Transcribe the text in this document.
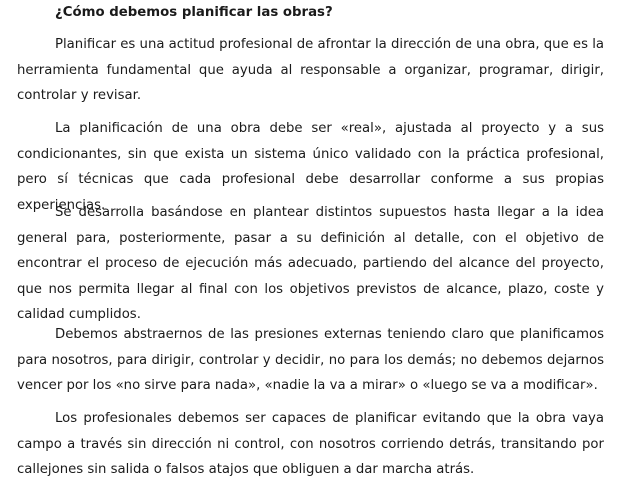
¿Cómo debemos planificar las obras?

Planificar es una actitud profesional de afrontar la dirección de una obra, que es la herramienta fundamental que ayuda al responsable a organizar, programar, dirigir, controlar y revisar.

La planificación de una obra debe ser «real», ajustada al proyecto y a sus condicionantes, sin que exista un sistema único validado con la práctica profesional, pero sí técnicas que cada profesional debe desarrollar conforme a sus propias experiencias.

Se desarrolla basándose en plantear distintos supuestos hasta llegar a la idea general para, posteriormente, pasar a su definición al detalle, con el objetivo de encontrar el proceso de ejecución más adecuado, partiendo del alcance del proyecto, que nos permita llegar al final con los objetivos previstos de alcance, plazo, coste y calidad cumplidos.

Debemos abstraernos de las presiones externas teniendo claro que planificamos para nosotros, para dirigir, controlar y decidir, no para los demás; no debemos dejarnos vencer por los «no sirve para nada», «nadie la va a mirar» o «luego se va a modificar».

Los profesionales debemos ser capaces de planificar evitando que la obra vaya campo a través sin dirección ni control, con nosotros corriendo detrás, transitando por callejones sin salida o falsos atajos que obliguen a dar marcha atrás.
